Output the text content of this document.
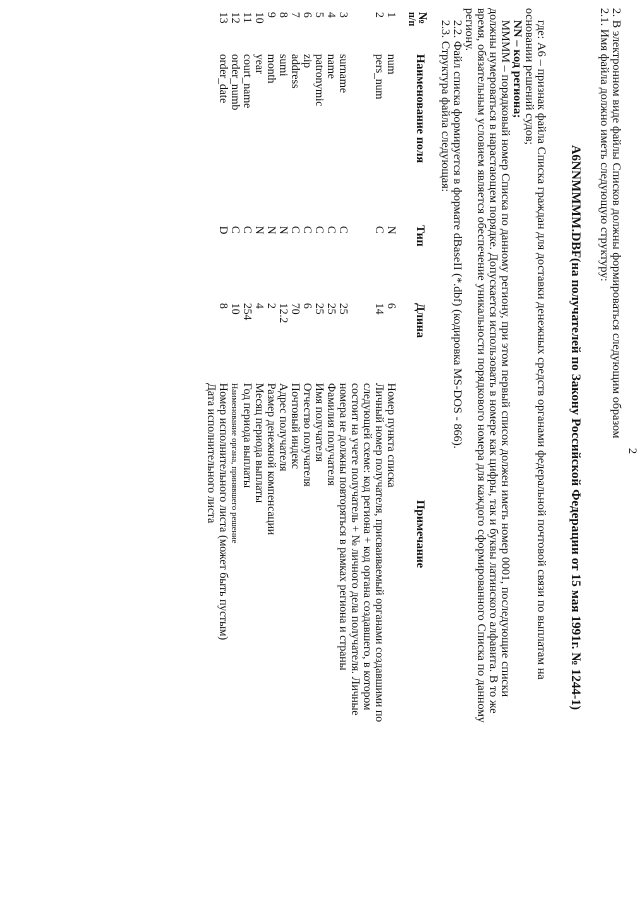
2
2. В электронном виде файлы Списков должны формироваться следующим образом
2.1. Имя файла должно иметь следующую структуру:
А6NNMMMM.DBF(на получателей по Закону Российской Федерации от 15 мая 1991г. № 1244-1)
где: А6 – признак файла Списка граждан для доставки денежных средств органами федеральной почтовой связи по выплатам на
основании решений судов;
NN – код региона;
ММММ – порядковый номер Списка по данному региону, при этом первый список должен иметь номер 0001, последующие списки
должны нумероваться в нарастающем порядке. Допускается использовать в номере как цифры, так и буквы латинского алфавита. В то же
время, обязательным условием является обеспечение уникальности порядкового номера для каждого сформированного Списка по данному
региону.
2.2. Файл списка формируется в формате dBaseII (*.dbf) (кодировка MS-DOS - 866).
2.3. Структура файла следующая:
№
п/п
Наименование поля
Тип
Длина
Примечание
1
2
3
4
5
6
7
8
9
10
11
12
13
num
pers_num
surname
name
patronymic
zip
address
sumi
month
year
court_name
order_numb
order_date
N
C
C
C
C
C
C
N
N
N
C
C
D
6
14
25
25
25
6
70
12.2
2
4
254
10
8
Номер пункта списка
Личный номер получателя, присваиваемый органами создавшими по
следующей схеме: код региона + код органа создавшего, в котором
состоит на учете получатель + № личного дела получателя. Личные
номера не должны повторяться в рамках региона и страны
Фамилия получателя
Имя получателя
Отчество получателя
Почтовый индекс
Адрес получателя
Размер денежной компенсации
Месяц периода выплаты
Год периода выплаты
Наименование органа, принявшего решение
Номер исполнительного листа (может быть пустым)
Дата исполнительного листа
